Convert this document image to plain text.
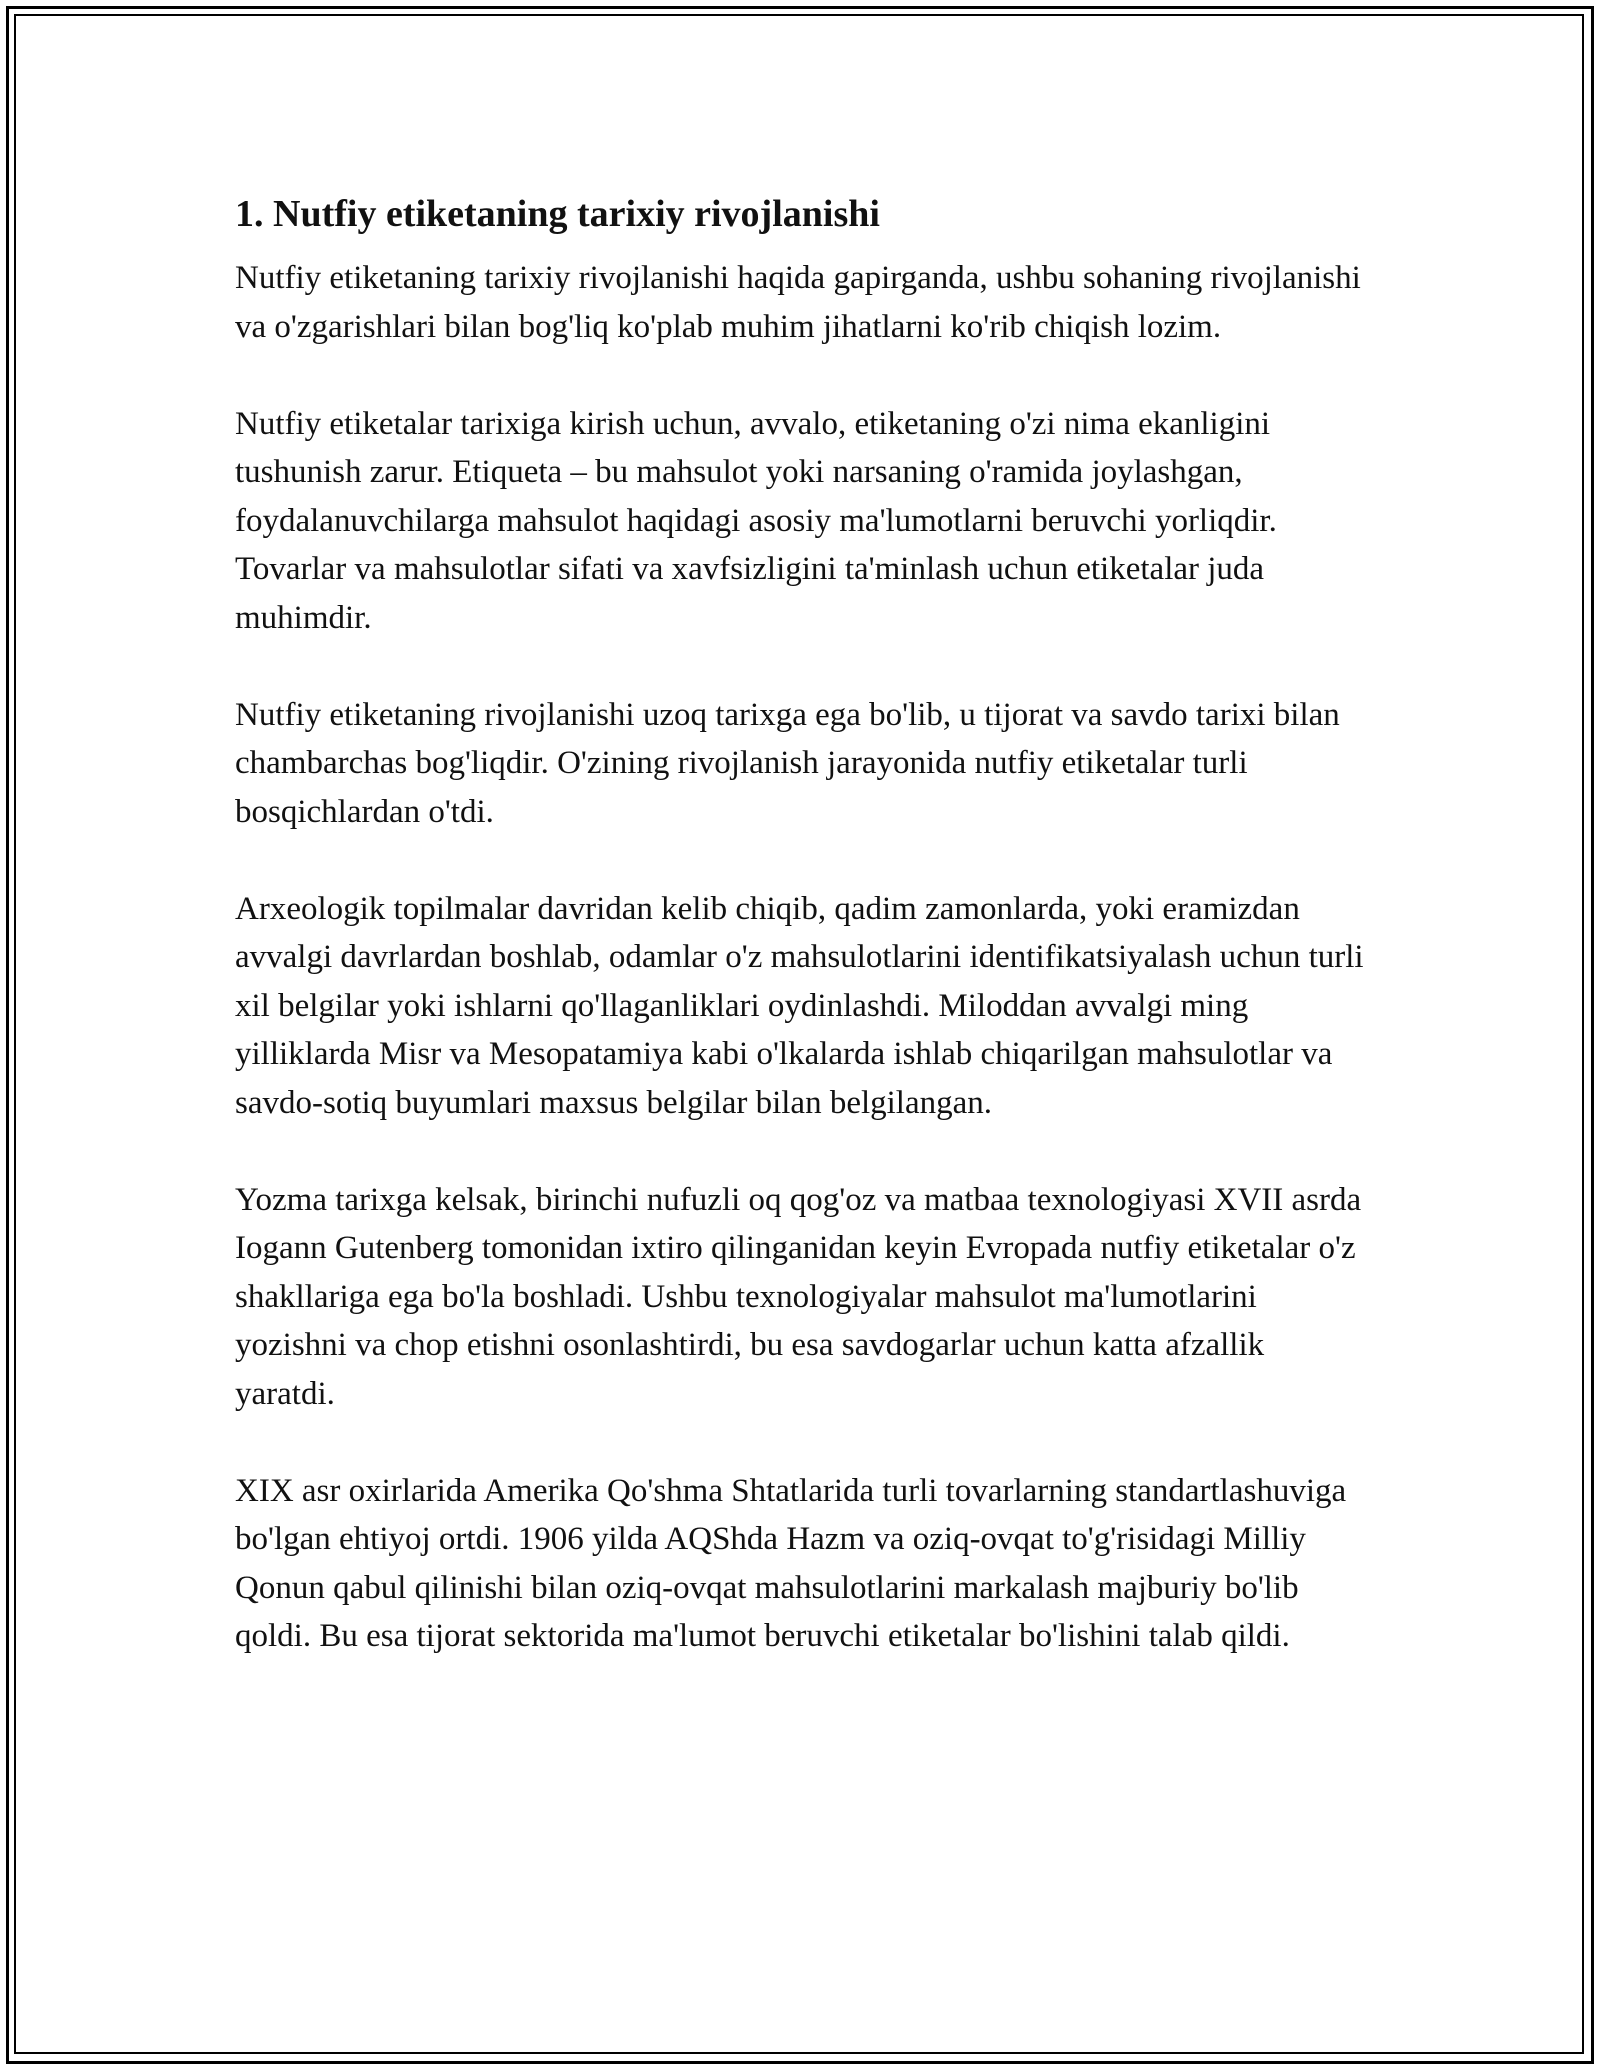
1. Nutfiy etiketaning tarixiy rivojlanishi

Nutfiy etiketaning tarixiy rivojlanishi haqida gapirganda, ushbu sohaning rivojlanishi va o'zgarishlari bilan bog'liq ko'plab muhim jihatlarni ko'rib chiqish lozim.

Nutfiy etiketalar tarixiga kirish uchun, avvalo, etiketaning o'zi nima ekanligini tushunish zarur. Etiqueta – bu mahsulot yoki narsaning o'ramida joylashgan, foydalanuvchilarga mahsulot haqidagi asosiy ma'lumotlarni beruvchi yorliqdir. Tovarlar va mahsulotlar sifati va xavfsizligini ta'minlash uchun etiketalar juda muhimdir.

Nutfiy etiketaning rivojlanishi uzoq tarixga ega bo'lib, u tijorat va savdo tarixi bilan chambarchas bog'liqdir. O'zining rivojlanish jarayonida nutfiy etiketalar turli bosqichlardan o'tdi.

Arxeologik topilmalar davridan kelib chiqib, qadim zamonlarda, yoki eramizdan avvalgi davrlardan boshlab, odamlar o'z mahsulotlarini identifikatsiyalash uchun turli xil belgilar yoki ishlarni qo'llaganliklari oydinlashdi. Miloddan avvalgi ming yilliklarda Misr va Mesopatamiya kabi o'lkalarda ishlab chiqarilgan mahsulotlar va savdo-sotiq buyumlari maxsus belgilar bilan belgilangan.

Yozma tarixga kelsak, birinchi nufuzli oq qog'oz va matbaa texnologiyasi XVII asrda Iogann Gutenberg tomonidan ixtiro qilinganidan keyin Evropada nutfiy etiketalar o'z shakllariga ega bo'la boshladi. Ushbu texnologiyalar mahsulot ma'lumotlarini yozishni va chop etishni osonlashtirdi, bu esa savdogarlar uchun katta afzallik yaratdi.

XIX asr oxirlarida Amerika Qo'shma Shtatlarida turli tovarlarning standartlashuviga bo'lgan ehtiyoj ortdi. 1906 yilda AQShda Hazm va oziq-ovqat to'g'risidagi Milliy Qonun qabul qilinishi bilan oziq-ovqat mahsulotlarini markalash majburiy bo'lib qoldi. Bu esa tijorat sektorida ma'lumot beruvchi etiketalar bo'lishini talab qildi.
